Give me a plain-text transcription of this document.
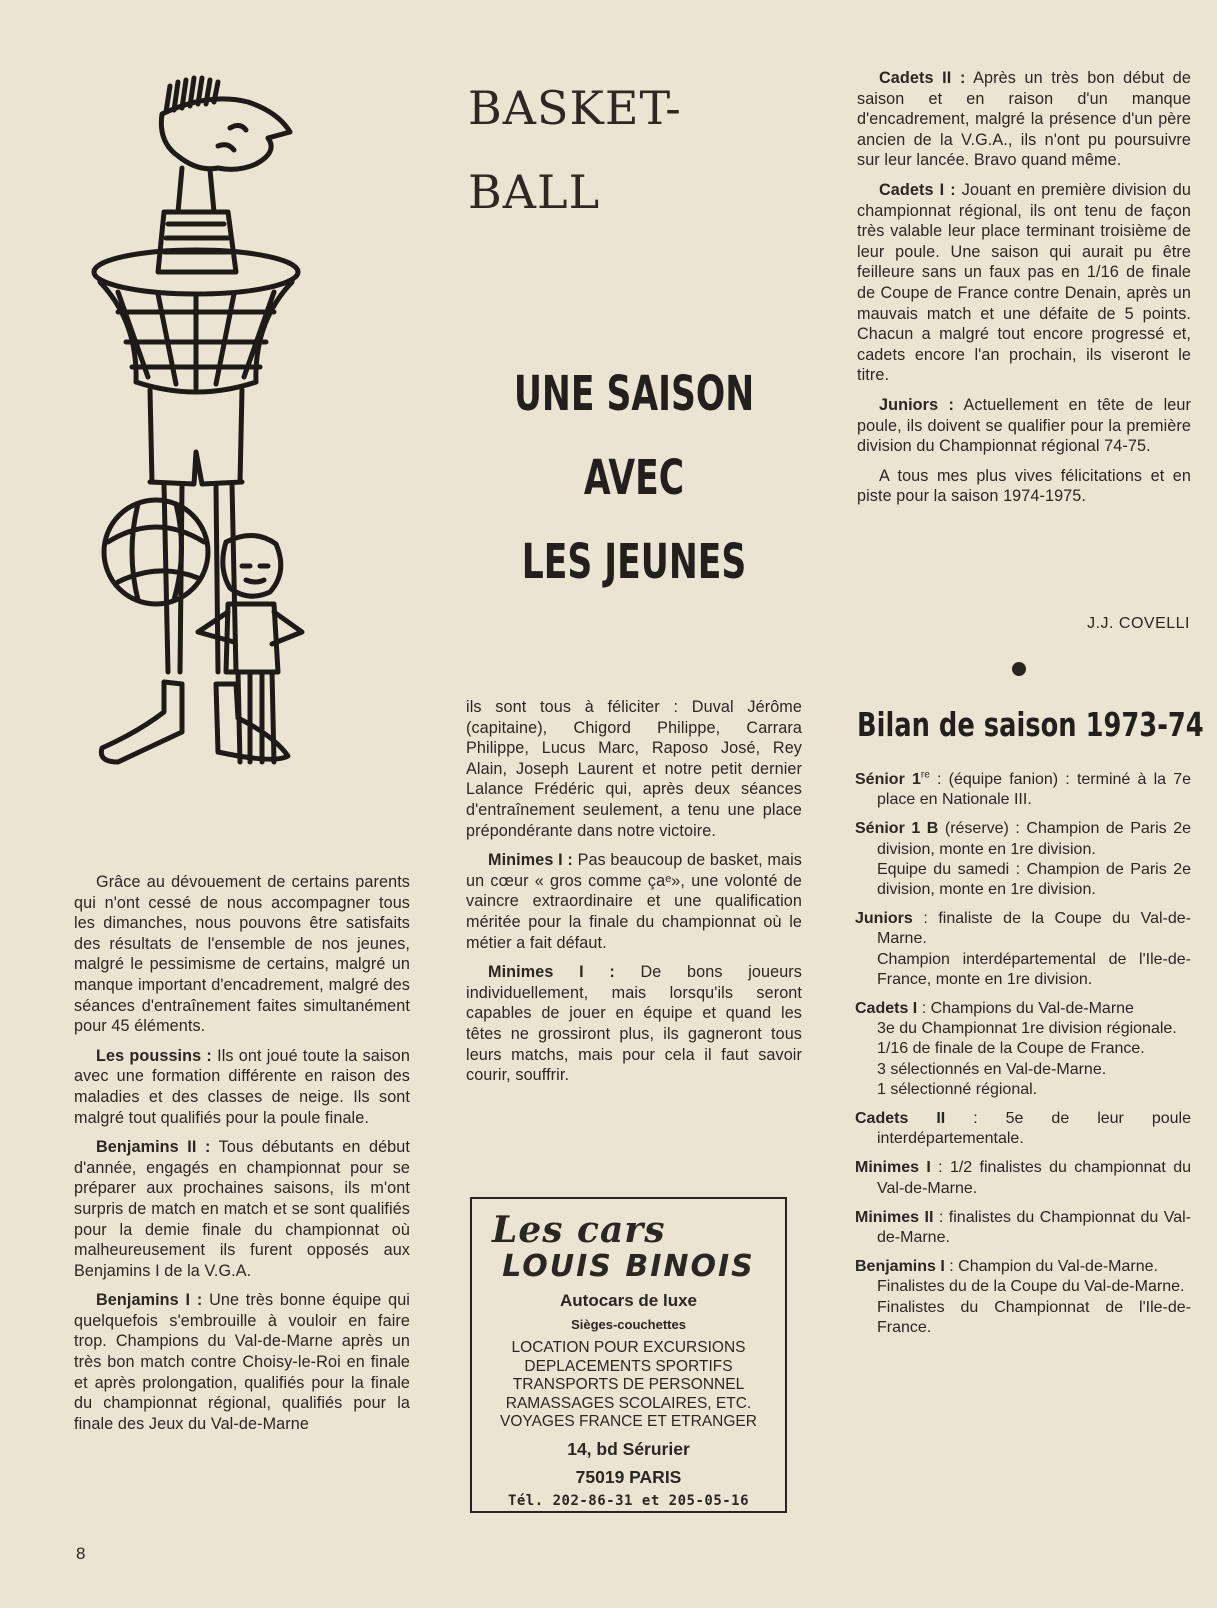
Grâce au dévouement de certains parents qui n'ont cessé de nous accompagner tous les dimanches, nous pouvons être satisfaits des résultats de l'ensemble de nos jeunes, malgré le pessimisme de certains, malgré un manque important d'encadrement, malgré des séances d'entraînement faites simultanément pour 45 éléments.

Les poussins : Ils ont joué toute la saison avec une formation différente en raison des maladies et des classes de neige. Ils sont malgré tout qualifiés pour la poule finale.

Benjamins II : Tous débutants en début d'année, engagés en championnat pour se préparer aux prochaines saisons, ils m'ont surpris de match en match et se sont qualifiés pour la demie finale du championnat où malheureusement ils furent opposés aux Benjamins I de la V.G.A.

Benjamins I : Une très bonne équipe qui quelquefois s'embrouille à vouloir en faire trop. Champions du Val-de-Marne après un très bon match contre Choisy-le-Roi en finale et après prolongation, qualifiés pour la finale du championnat régional, qualifiés pour la finale des Jeux du Val-de-Marne

BASKET-
BALL
UNE SAISON
AVEC
LES JEUNES

ils sont tous à féliciter : Duval Jérôme (capitaine), Chigord Philippe, Carrara Philippe, Lucus Marc, Raposo José, Rey Alain, Joseph Laurent et notre petit dernier Lalance Frédéric qui, après deux séances d'entraînement seulement, a tenu une place prépondérante dans notre victoire.

Minimes I : Pas beaucoup de basket, mais un cœur « gros comme çaᵉ», une volonté de vaincre extraordinaire et une qualification méritée pour la finale du championnat où le métier a fait défaut.

Minimes I : De bons joueurs individuellement, mais lorsqu'ils seront capables de jouer en équipe et quand les têtes ne grossiront plus, ils gagneront tous leurs matchs, mais pour cela il faut savoir courir, souffrir.

Les cars
LOUIS BINOIS
Autocars de luxe
Sièges-couchettes
LOCATION POUR EXCURSIONS
DEPLACEMENTS SPORTIFS
TRANSPORTS DE PERSONNEL
RAMASSAGES SCOLAIRES, ETC.
VOYAGES FRANCE ET ETRANGER
14, bd Sérurier
75019 PARIS
Tél. 202-86-31 et 205-05-16

Cadets II : Après un très bon début de saison et en raison d'un manque d'encadrement, malgré la présence d'un père ancien de la V.G.A., ils n'ont pu poursuivre sur leur lancée. Bravo quand même.

Cadets I : Jouant en première division du championnat régional, ils ont tenu de façon très valable leur place terminant troisième de leur poule. Une saison qui aurait pu être feilleure sans un faux pas en 1/16 de finale de Coupe de France contre Denain, après un mauvais match et une défaite de 5 points. Chacun a malgré tout encore progressé et, cadets encore l'an prochain, ils viseront le titre.

Juniors : Actuellement en tête de leur poule, ils doivent se qualifier pour la première division du Championnat régional 74-75.

A tous mes plus vives félicitations et en piste pour la saison 1974-1975.

J.J. COVELLI
Bilan de saison 1973-74
Sénior 1re : (équipe fanion) : terminé à la 7e place en Nationale III.
Sénior 1 B (réserve) : Champion de Paris 2e division, monte en 1re division.
Equipe du samedi : Champion de Paris 2e division, monte en 1re division.
Juniors : finaliste de la Coupe du Val-de-Marne.
Champion interdépartemental de l'Ile-de-France, monte en 1re division.
Cadets I : Champions du Val-de-Marne
3e du Championnat 1re division régionale.
1/16 de finale de la Coupe de France.
3 sélectionnés en Val-de-Marne.
1 sélectionné régional.
Cadets II : 5e de leur poule interdépartementale.
Minimes I : 1/2 finalistes du championnat du Val-de-Marne.
Minimes II : finalistes du Championnat du Val-de-Marne.
Benjamins I : Champion du Val-de-Marne.
Finalistes du de la Coupe du Val-de-Marne.
Finalistes du Championnat de l'Ile-de-France.
8
